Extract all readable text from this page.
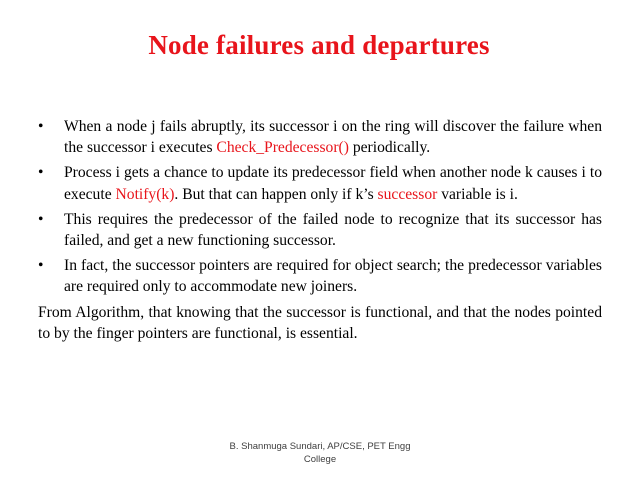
Node failures and departures
• When a node j fails abruptly, its successor i on the ring will discover the failure when the successor i executes Check_Predecessor() periodically.
• Process i gets a chance to update its predecessor field when another node k causes i to execute Notify(k). But that can happen only if k’s successor variable is i.
• This requires the predecessor of the failed node to recognize that its successor has failed, and get a new functioning successor.
• In fact, the successor pointers are required for object search; the predecessor variables are required only to accommodate new joiners.

From Algorithm, that knowing that the successor is functional, and that the nodes pointed to by the finger pointers are functional, is essential.

B. Shanmuga Sundari, AP/CSE, PET Engg
College
